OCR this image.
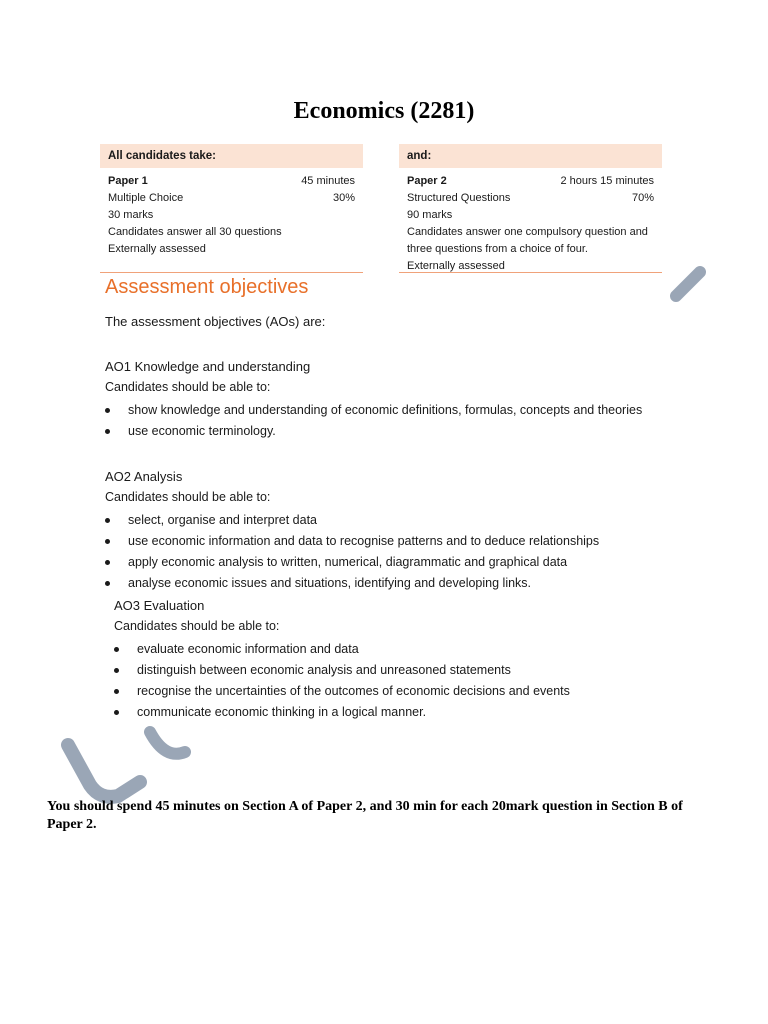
Economics (2281)
All candidates take:
Paper 1	45 minutes
Multiple Choice	30%
30 marks
Candidates answer all 30 questions
Externally assessed
and:
Paper 2	2 hours 15 minutes
Structured Questions	70%
90 marks
Candidates answer one compulsory question and
three questions from a choice of four.
Externally assessed
Assessment objectives
The assessment objectives (AOs) are:
AO1 Knowledge and understanding
Candidates should be able to:
show knowledge and understanding of economic definitions, formulas, concepts and theories
use economic terminology.
AO2 Analysis
Candidates should be able to:
select, organise and interpret data
use economic information and data to recognise patterns and to deduce relationships
apply economic analysis to written, numerical, diagrammatic and graphical data
analyse economic issues and situations, identifying and developing links.
AO3 Evaluation
Candidates should be able to:
evaluate economic information and data
distinguish between economic analysis and unreasoned statements
recognise the uncertainties of the outcomes of economic decisions and events
communicate economic thinking in a logical manner.
You should spend 45 minutes on Section A of Paper 2, and 30 min for each 20mark question in Section B of Paper 2.
